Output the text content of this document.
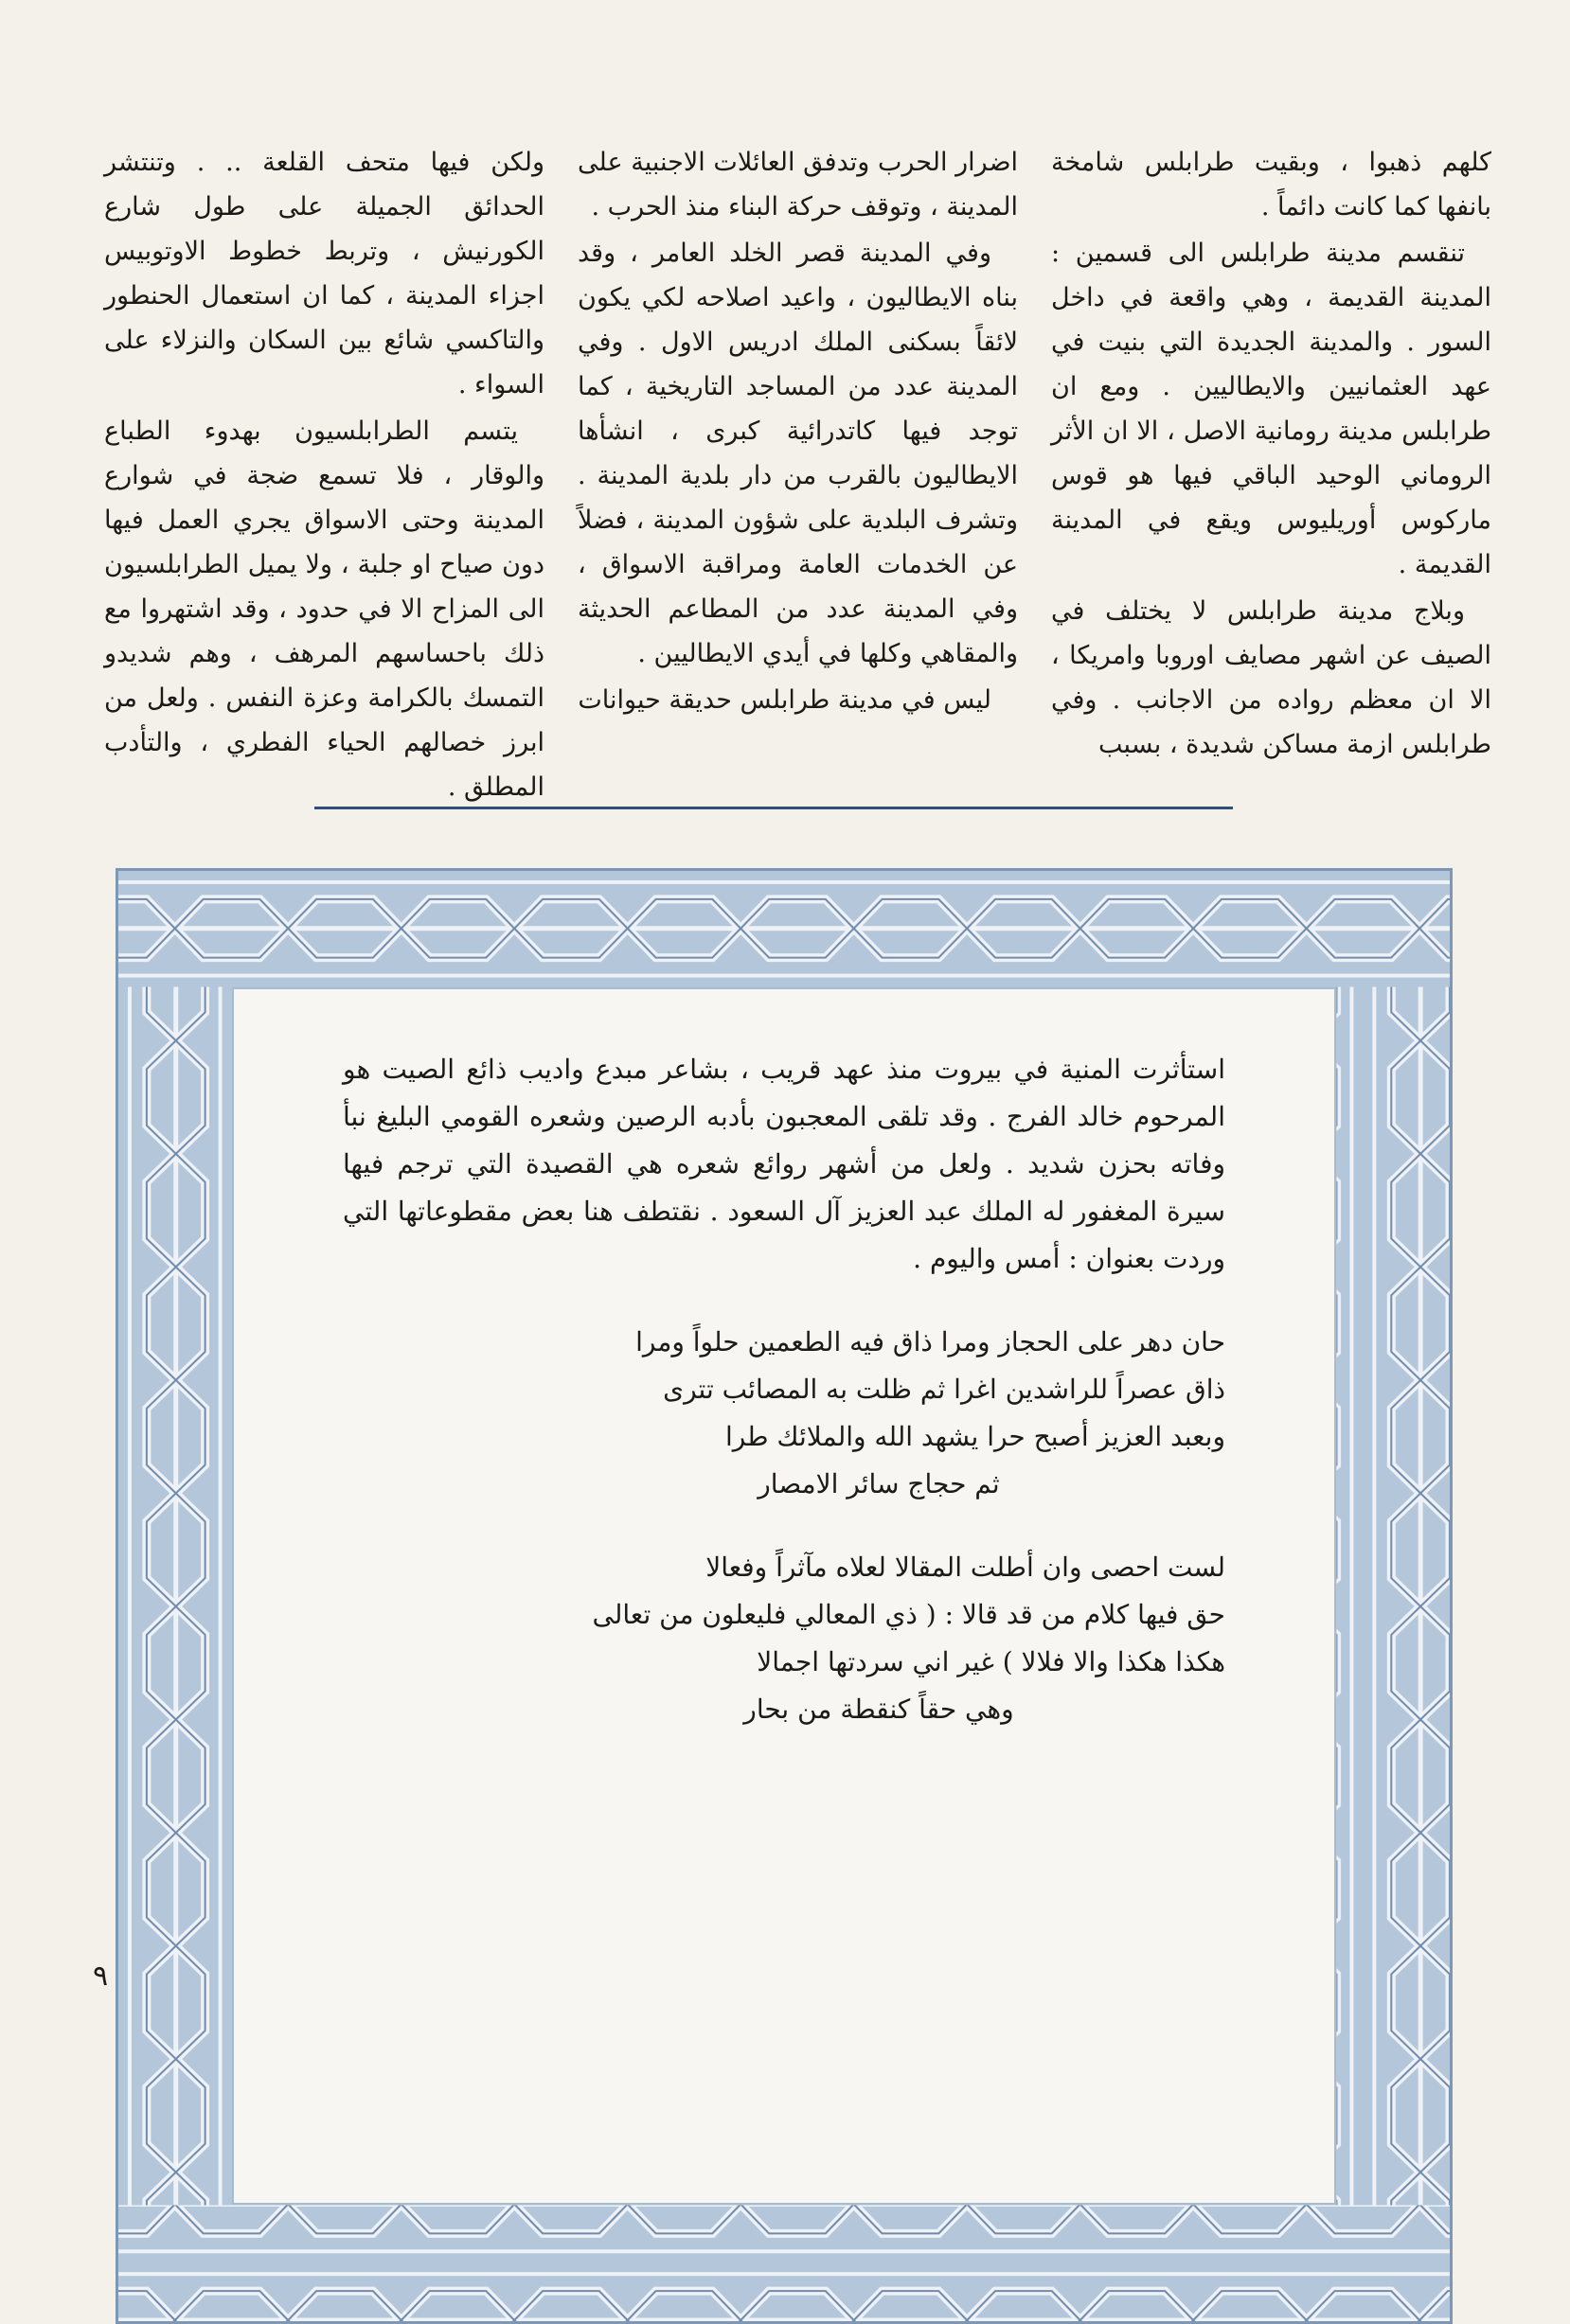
كلهم ذهبوا ، وبقيت طرابلس شامخة بانفها كما كانت دائماً .

تنقسم مدينة طرابلس الى قسمين : المدينة القديمة ، وهي واقعة في داخل السور . والمدينة الجديدة التي بنيت في عهد العثمانيين والايطاليين . ومع ان طرابلس مدينة رومانية الاصل ، الا ان الأثر الروماني الوحيد الباقي فيها هو قوس ماركوس أوريليوس ويقع في المدينة القديمة .

وبلاج مدينة طرابلس لا يختلف في الصيف عن اشهر مصايف اوروبا وامريكا ، الا ان معظم رواده من الاجانب . وفي طرابلس ازمة مساكن شديدة ، بسبب

اضرار الحرب وتدفق العائلات الاجنبية على المدينة ، وتوقف حركة البناء منذ الحرب .

وفي المدينة قصر الخلد العامر ، وقد بناه الايطاليون ، واعيد اصلاحه لكي يكون لائقاً بسكنى الملك ادريس الاول . وفي المدينة عدد من المساجد التاريخية ، كما توجد فيها كاتدرائية كبرى ، انشأها الايطاليون بالقرب من دار بلدية المدينة . وتشرف البلدية على شؤون المدينة ، فضلاً عن الخدمات العامة ومراقبة الاسواق ، وفي المدينة عدد من المطاعم الحديثة والمقاهي وكلها في أيدي الايطاليين .

ليس في مدينة طرابلس حديقة حيوانات

ولكن فيها متحف القلعة .. . وتنتشر الحدائق الجميلة على طول شارع الكورنيش ، وتربط خطوط الاوتوبيس اجزاء المدينة ، كما ان استعمال الحنطور والتاكسي شائع بين السكان والنزلاء على السواء .

يتسم الطرابلسيون بهدوء الطباع والوقار ، فلا تسمع ضجة في شوارع المدينة وحتى الاسواق يجري العمل فيها دون صياح او جلبة ، ولا يميل الطرابلسيون الى المزاح الا في حدود ، وقد اشتهروا مع ذلك باحساسهم المرهف ، وهم شديدو التمسك بالكرامة وعزة النفس . ولعل من ابرز خصالهم الحياء الفطري ، والتأدب المطلق .

استأثرت المنية في بيروت منذ عهد قريب ، بشاعر مبدع واديب ذائع الصيت هو المرحوم خالد الفرج . وقد تلقى المعجبون بأدبه الرصين وشعره القومي البليغ نبأ وفاته بحزن شديد . ولعل من أشهر روائع شعره هي القصيدة التي ترجم فيها سيرة المغفور له الملك عبد العزيز آل السعود . نقتطف هنا بعض مقطوعاتها التي وردت بعنوان : أمس واليوم .

حان دهر على الحجاز ومرا ذاق فيه الطعمين حلواً ومرا
ذاق عصراً للراشدين اغرا ثم ظلت به المصائب تترى
وبعبد العزيز أصبح حرا يشهد الله والملائك طرا
ثم حجاج سائر الامصار
لست احصى وان أطلت المقالا لعلاه مآثراً وفعالا
حق فيها كلام من قد قالا : ( ذي المعالي فليعلون من تعالى
هكذا هكذا والا فلالا ) غير اني سردتها اجمالا
وهي حقاً كنقطة من بحار
٩
